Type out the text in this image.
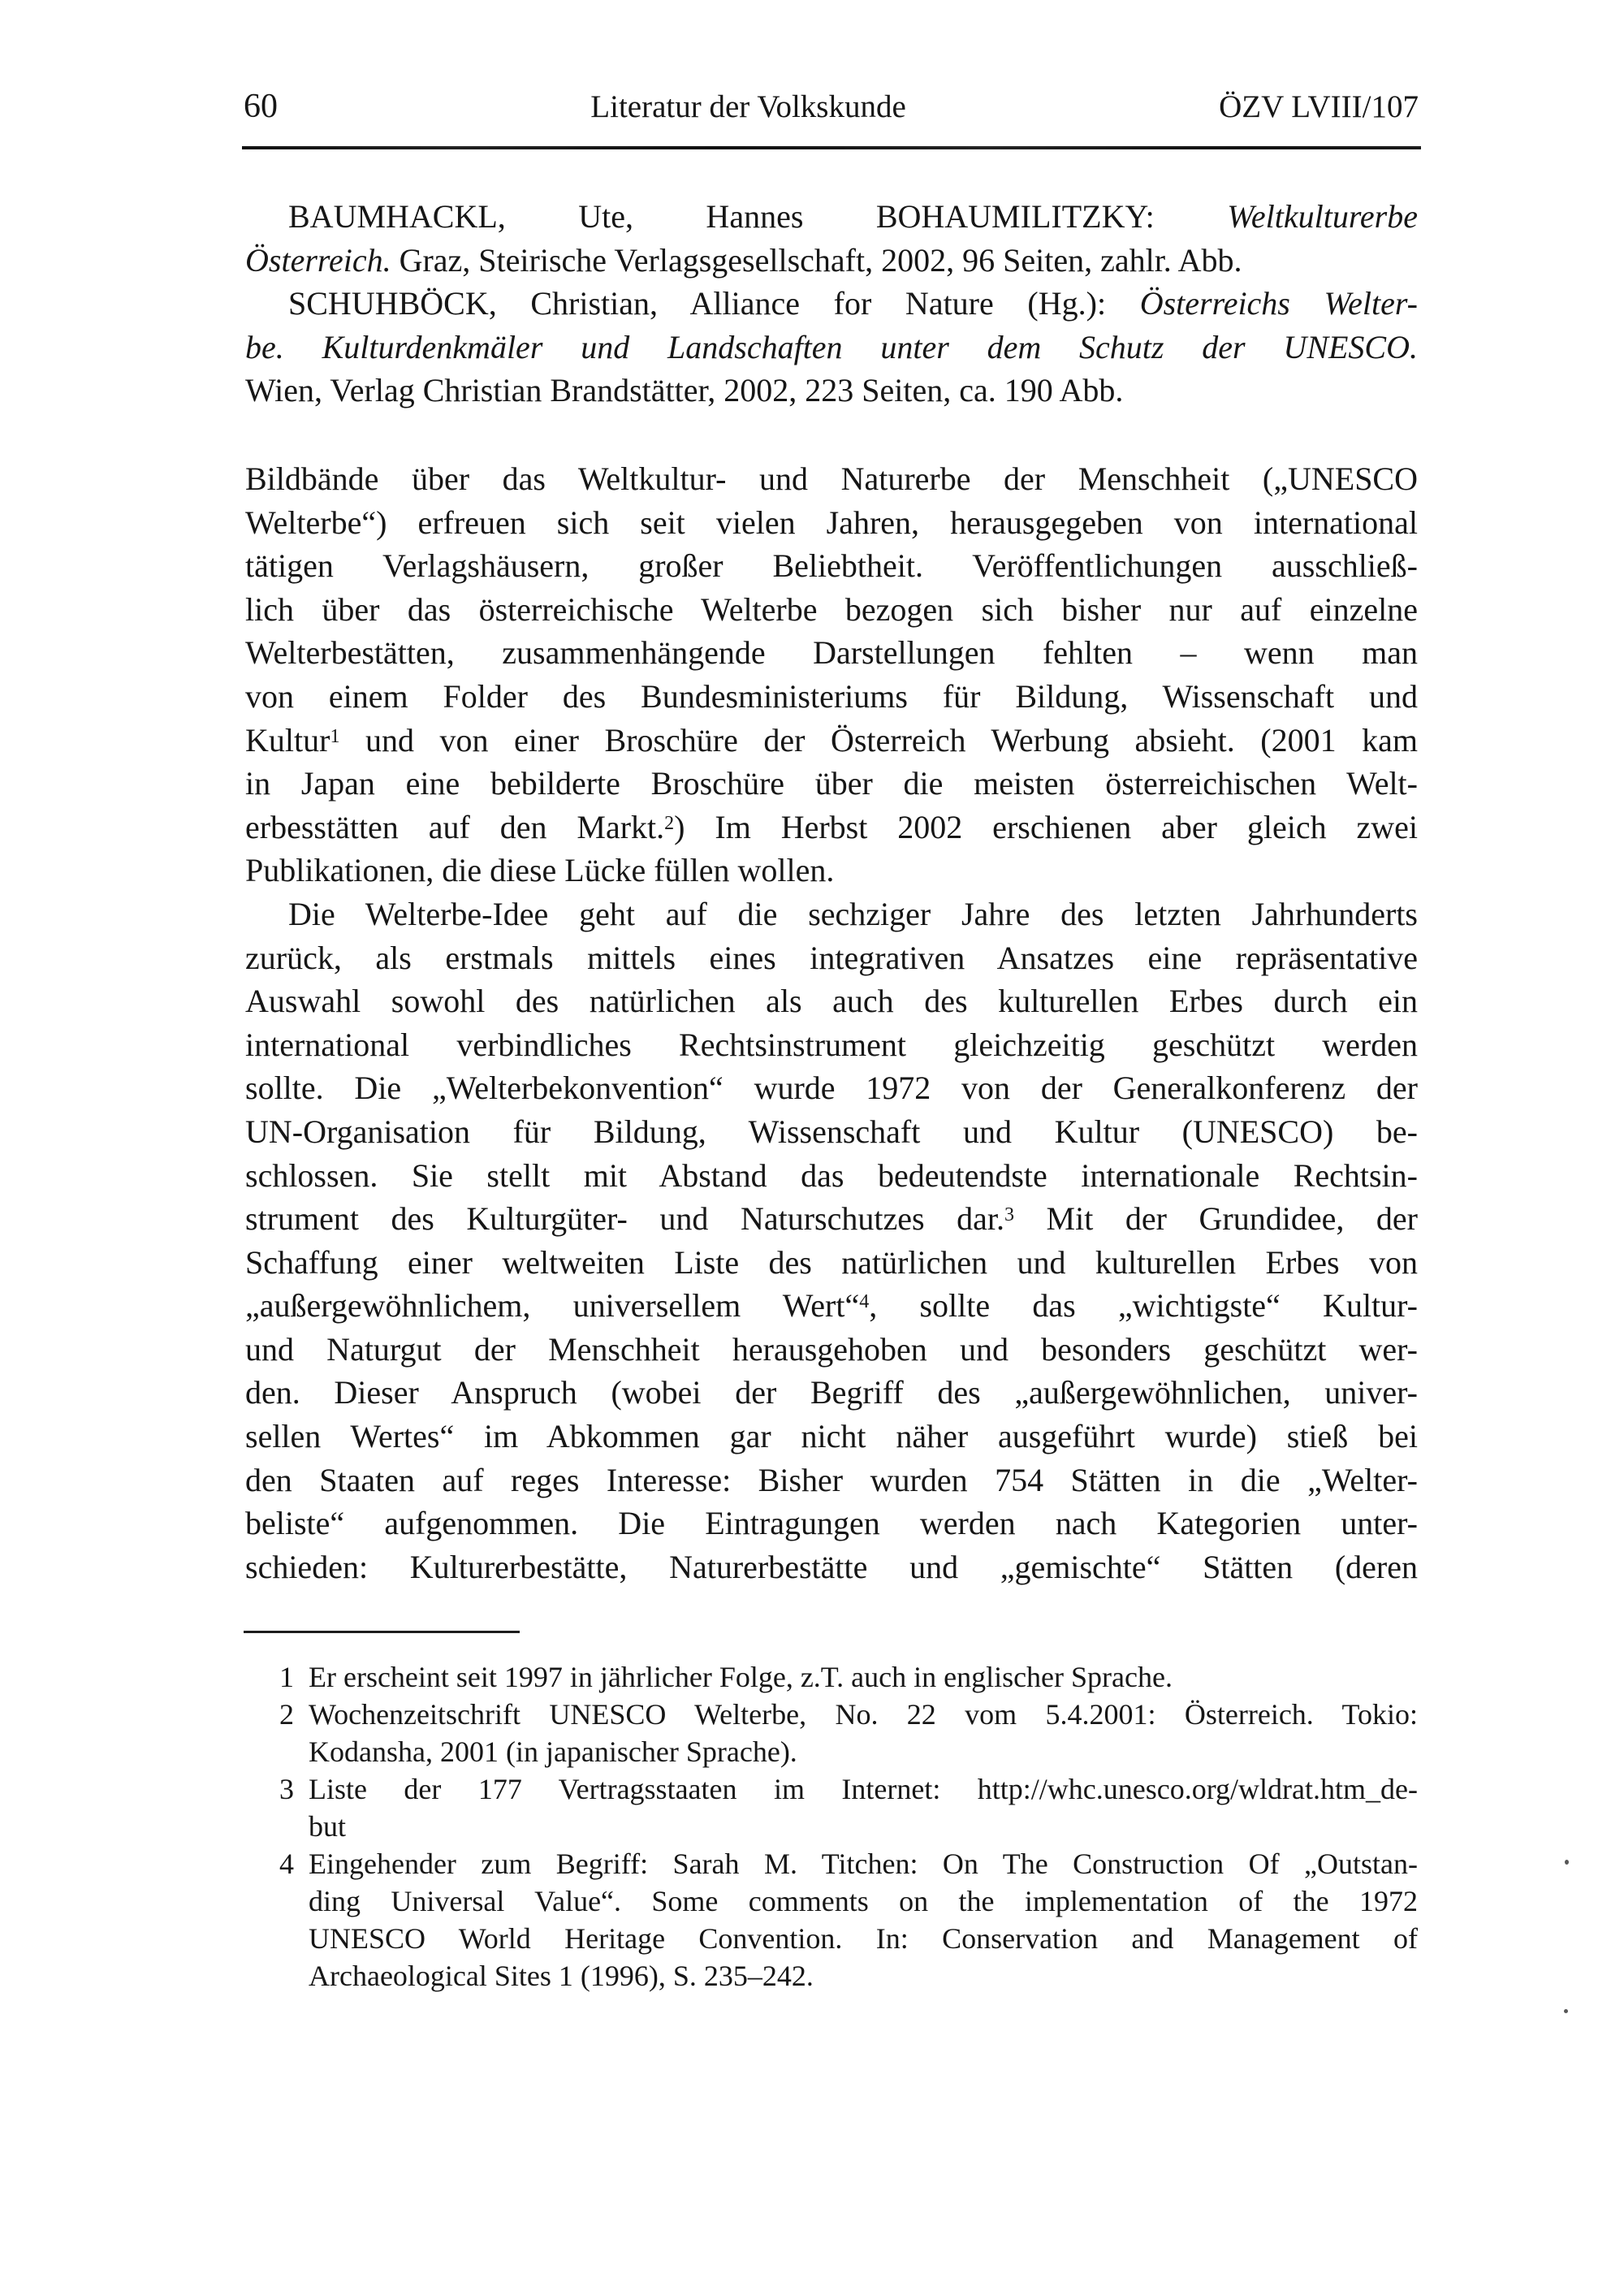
60	Literatur der Volkskunde	ÖZV LVIII/107
BAUMHACKL, Ute, Hannes BOHAUMILITZKY: Weltkulturerbe
Österreich. Graz, Steirische Verlagsgesellschaft, 2002, 96 Seiten, zahlr. Abb.
SCHUHBÖCK, Christian, Alliance for Nature (Hg.): Österreichs Welter-
be. Kulturdenkmäler und Landschaften unter dem Schutz der UNESCO.
Wien, Verlag Christian Brandstätter, 2002, 223 Seiten, ca. 190 Abb.
Bildbände über das Weltkultur- und Naturerbe der Menschheit („UNESCO
Welterbe“) erfreuen sich seit vielen Jahren, herausgegeben von international
tätigen Verlagshäusern, großer Beliebtheit. Veröffentlichungen ausschließ-
lich über das österreichische Welterbe bezogen sich bisher nur auf einzelne
Welterbestätten, zusammenhängende Darstellungen fehlten – wenn man
von einem Folder des Bundesministeriums für Bildung, Wissenschaft und
Kultur$^1$ und von einer Broschüre der Österreich Werbung absieht. (2001 kam
in Japan eine bebilderte Broschüre über die meisten österreichischen Welt-
erbesstätten auf den Markt.$^2$) Im Herbst 2002 erschienen aber gleich zwei
Publikationen, die diese Lücke füllen wollen.
Die Welterbe-Idee geht auf die sechziger Jahre des letzten Jahrhunderts
zurück, als erstmals mittels eines integrativen Ansatzes eine repräsentative
Auswahl sowohl des natürlichen als auch des kulturellen Erbes durch ein
international verbindliches Rechtsinstrument gleichzeitig geschützt werden
sollte. Die „Welterbekonvention“ wurde 1972 von der Generalkonferenz der
UN-Organisation für Bildung, Wissenschaft und Kultur (UNESCO) be-
schlossen. Sie stellt mit Abstand das bedeutendste internationale Rechtsin-
strument des Kulturgüter- und Naturschutzes dar.$^3$ Mit der Grundidee, der
Schaffung einer weltweiten Liste des natürlichen und kulturellen Erbes von
„außergewöhnlichem, universellem Wert“$^4$, sollte das „wichtigste“ Kultur-
und Naturgut der Menschheit herausgehoben und besonders geschützt wer-
den. Dieser Anspruch (wobei der Begriff des „außergewöhnlichen, univer-
sellen Wertes“ im Abkommen gar nicht näher ausgeführt wurde) stieß bei
den Staaten auf reges Interesse: Bisher wurden 754 Stätten in die „Welter-
beliste“ aufgenommen. Die Eintragungen werden nach Kategorien unter-
schieden: Kulturerbestätte, Naturerbestätte und „gemischte“ Stätten (deren
1 Er erscheint seit 1997 in jährlicher Folge, z.T. auch in englischer Sprache.
2 Wochenzeitschrift UNESCO Welterbe, No. 22 vom 5.4.2001: Österreich. Tokio:
Kodansha, 2001 (in japanischer Sprache).
3 Liste der 177 Vertragsstaaten im Internet: http://whc.unesco.org/wldrat.htm_de-
but
4 Eingehender zum Begriff: Sarah M. Titchen: On The Construction Of „Outstan-
ding Universal Value“. Some comments on the implementation of the 1972
UNESCO World Heritage Convention. In: Conservation and Management of
Archaeological Sites 1 (1996), S. 235–242.
